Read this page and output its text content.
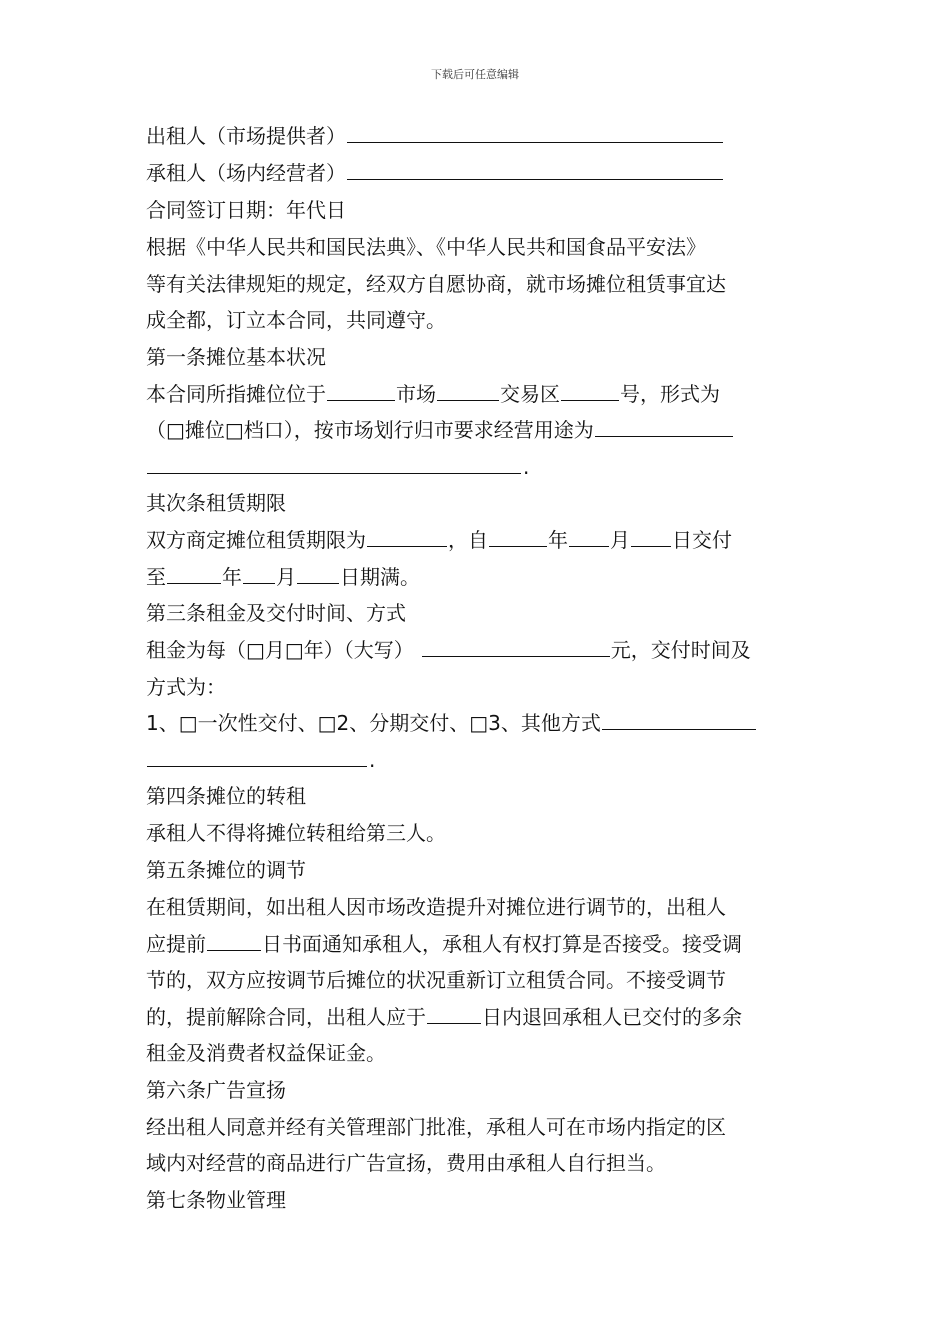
下载后可任意编辑
出租人（市场提供者）
承租人（场内经营者）
合同签订日期：年代日
根据《中华人民共和国民法典》、《中华人民共和国食品平安法》
等有关法律规矩的规定，经双方自愿协商，就市场摊位租赁事宜达
成全都，订立本合同，共同遵守。
第一条摊位基本状况
本合同所指摊位位于	市场	交易区	号，形式为
（□摊位□档口），按市场划行归市要求经营用途为
.
其次条租赁期限
双方商定摊位租赁期限为	，自	年 月 日交付
至	年 月 日期满。
第三条租金及交付时间、方式
租金为每（□月□年）（大写）	元，交付时间及
方式为：
1、□一次性交付、□2、分期交付、□3、其他方式
.
第四条摊位的转租
承租人不得将摊位转租给第三人。
第五条摊位的调节
在租赁期间，如出租人因市场改造提升对摊位进行调节的，出租人
应提前	日书面通知承租人，承租人有权打算是否接受。接受调
节的，双方应按调节后摊位的状况重新订立租赁合同。不接受调节
的，提前解除合同，出租人应于	日内退回承租人已交付的多余
租金及消费者权益保证金。
第六条广告宣扬
经出租人同意并经有关管理部门批准，承租人可在市场内指定的区
域内对经营的商品进行广告宣扬，费用由承租人自行担当。
第七条物业管理
